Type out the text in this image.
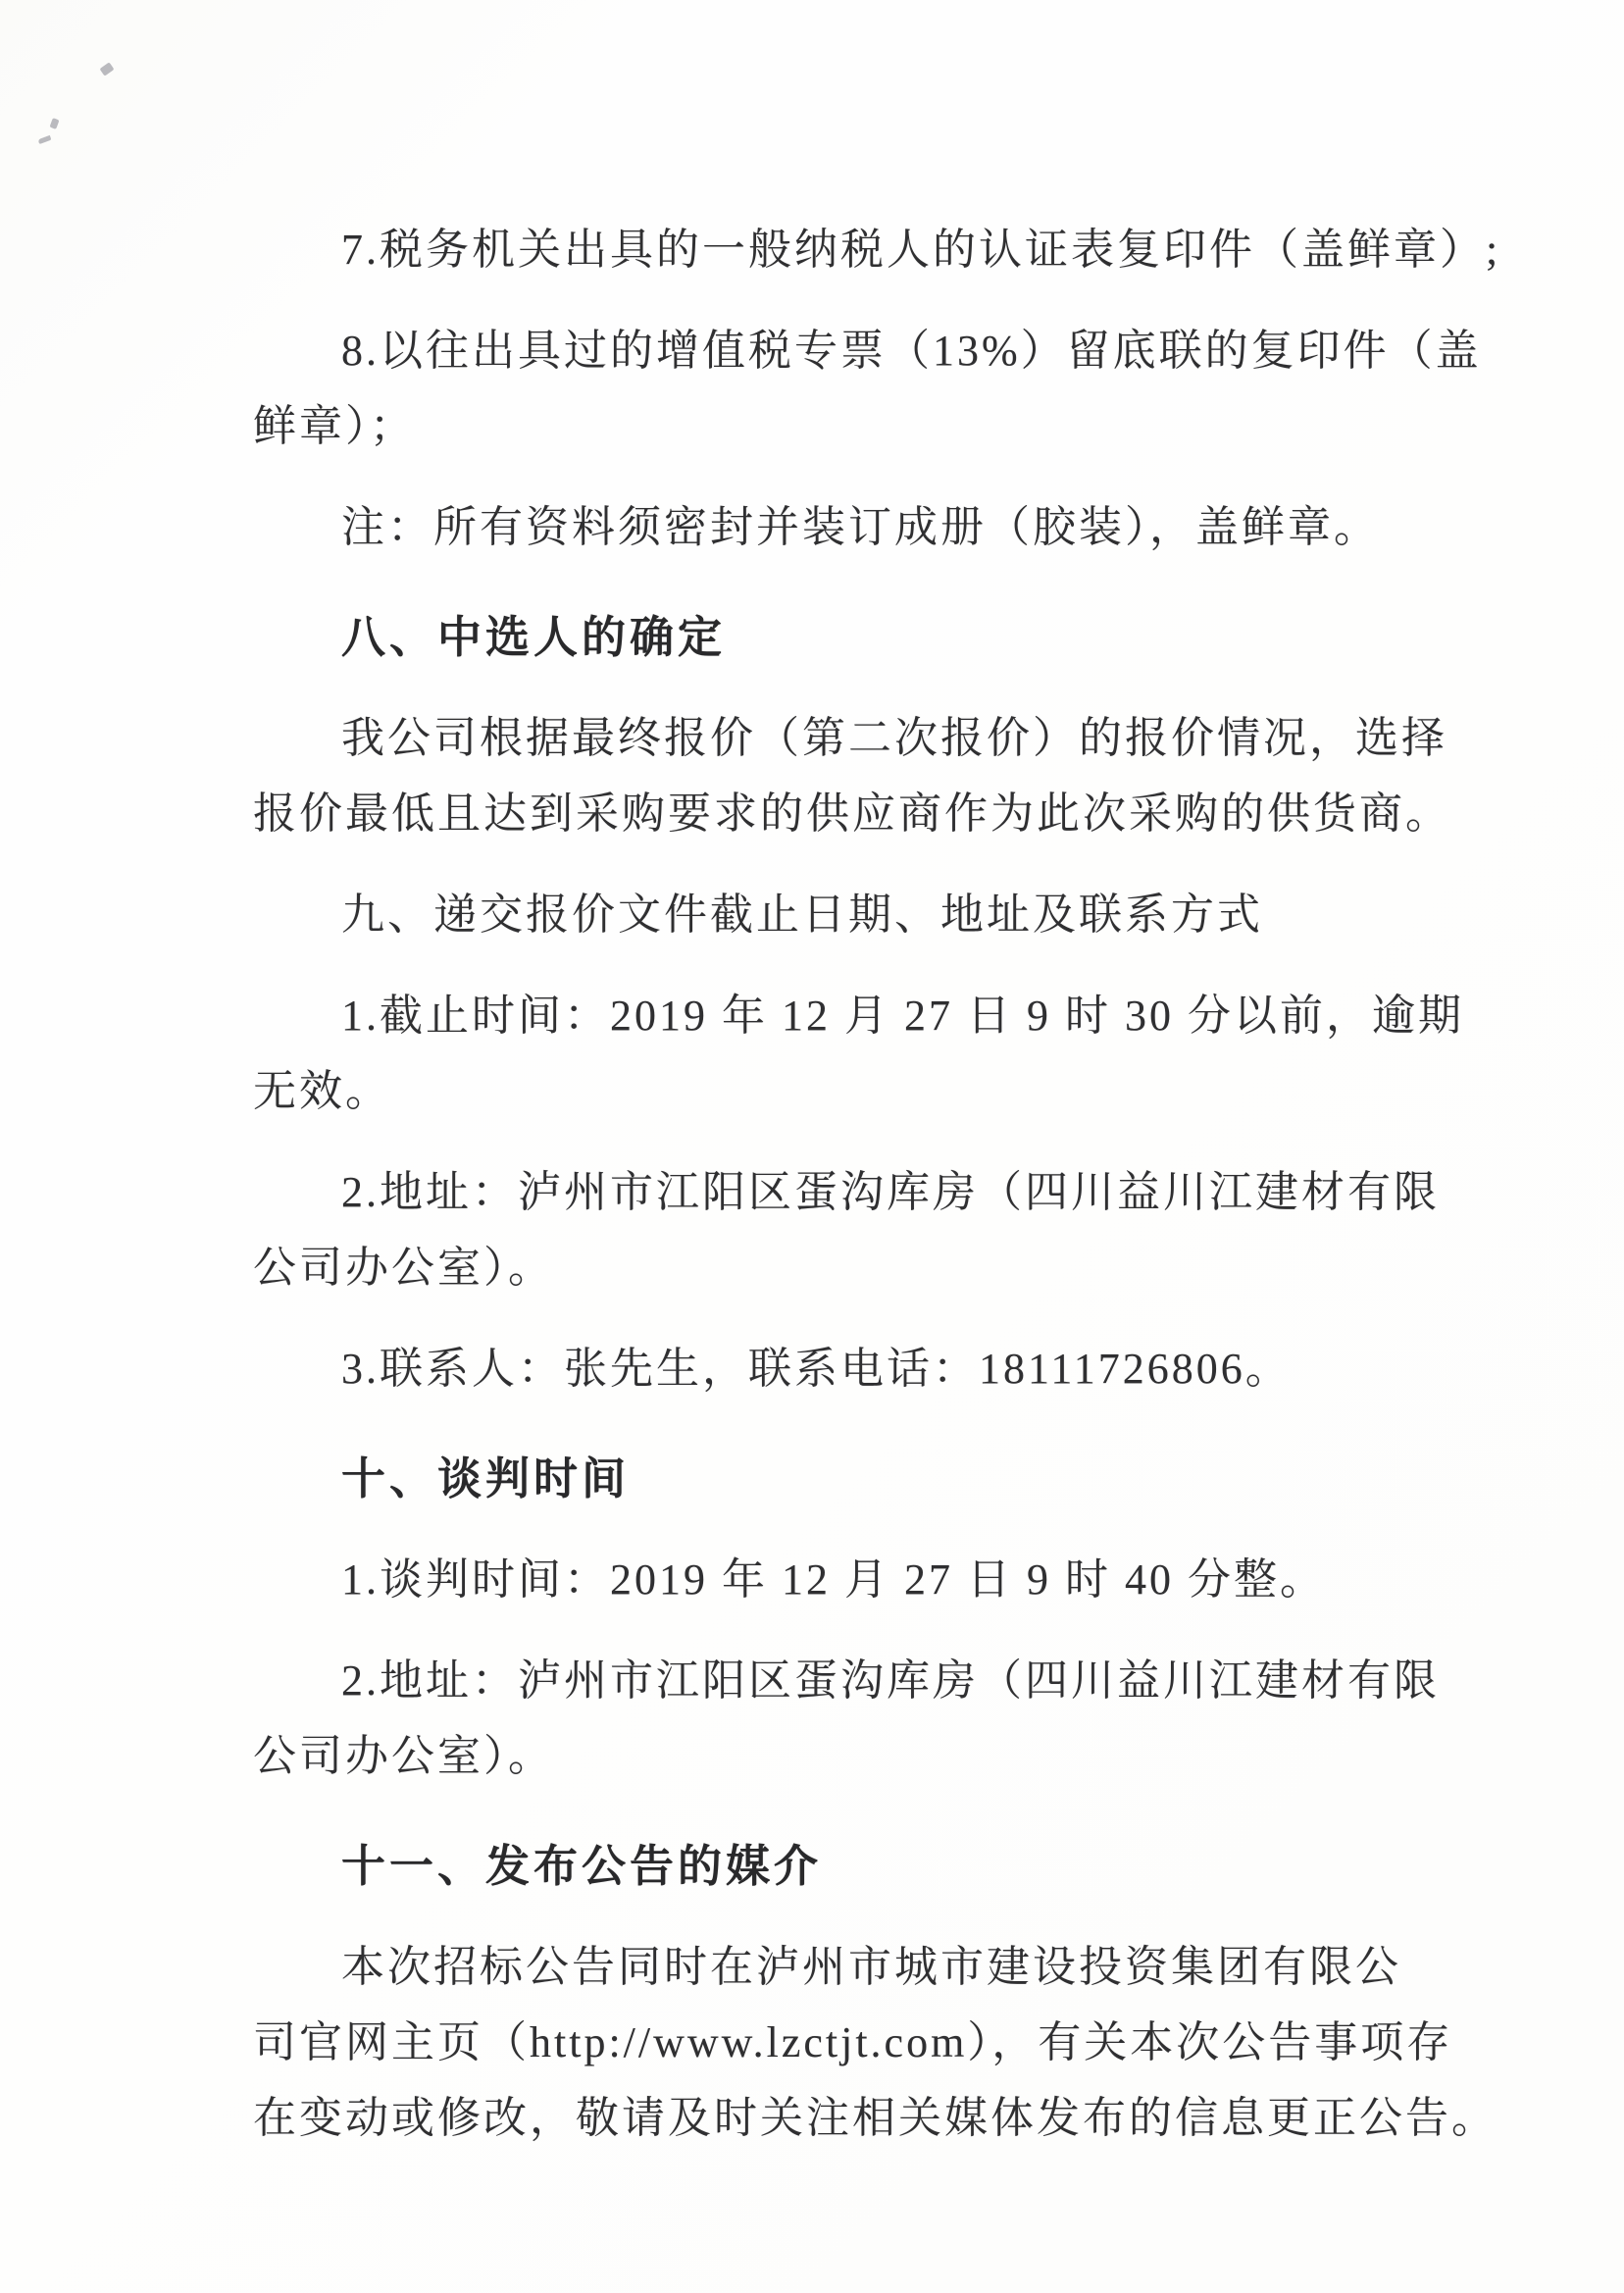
7.税务机关出具的一般纳税人的认证表复印件（盖鲜章）;
8.以往出具过的增值税专票（13%）留底联的复印件（盖
鲜章）；
注：所有资料须密封并装订成册（胶装），盖鲜章。
八、中选人的确定
我公司根据最终报价（第二次报价）的报价情况，选择
报价最低且达到采购要求的供应商作为此次采购的供货商。
九、递交报价文件截止日期、地址及联系方式
1.截止时间：2019 年 12 月 27 日 9 时 30 分以前，逾期
无效。
2.地址：泸州市江阳区蛋沟库房（四川益川江建材有限
公司办公室）。
3.联系人：张先生，联系电话：18111726806。
十、谈判时间
1.谈判时间：2019 年 12 月 27 日 9 时 40 分整。
2.地址：泸州市江阳区蛋沟库房（四川益川江建材有限
公司办公室）。
十一、发布公告的媒介
本次招标公告同时在泸州市城市建设投资集团有限公
司官网主页（http://www.lzctjt.com），有关本次公告事项存
在变动或修改，敬请及时关注相关媒体发布的信息更正公告。
